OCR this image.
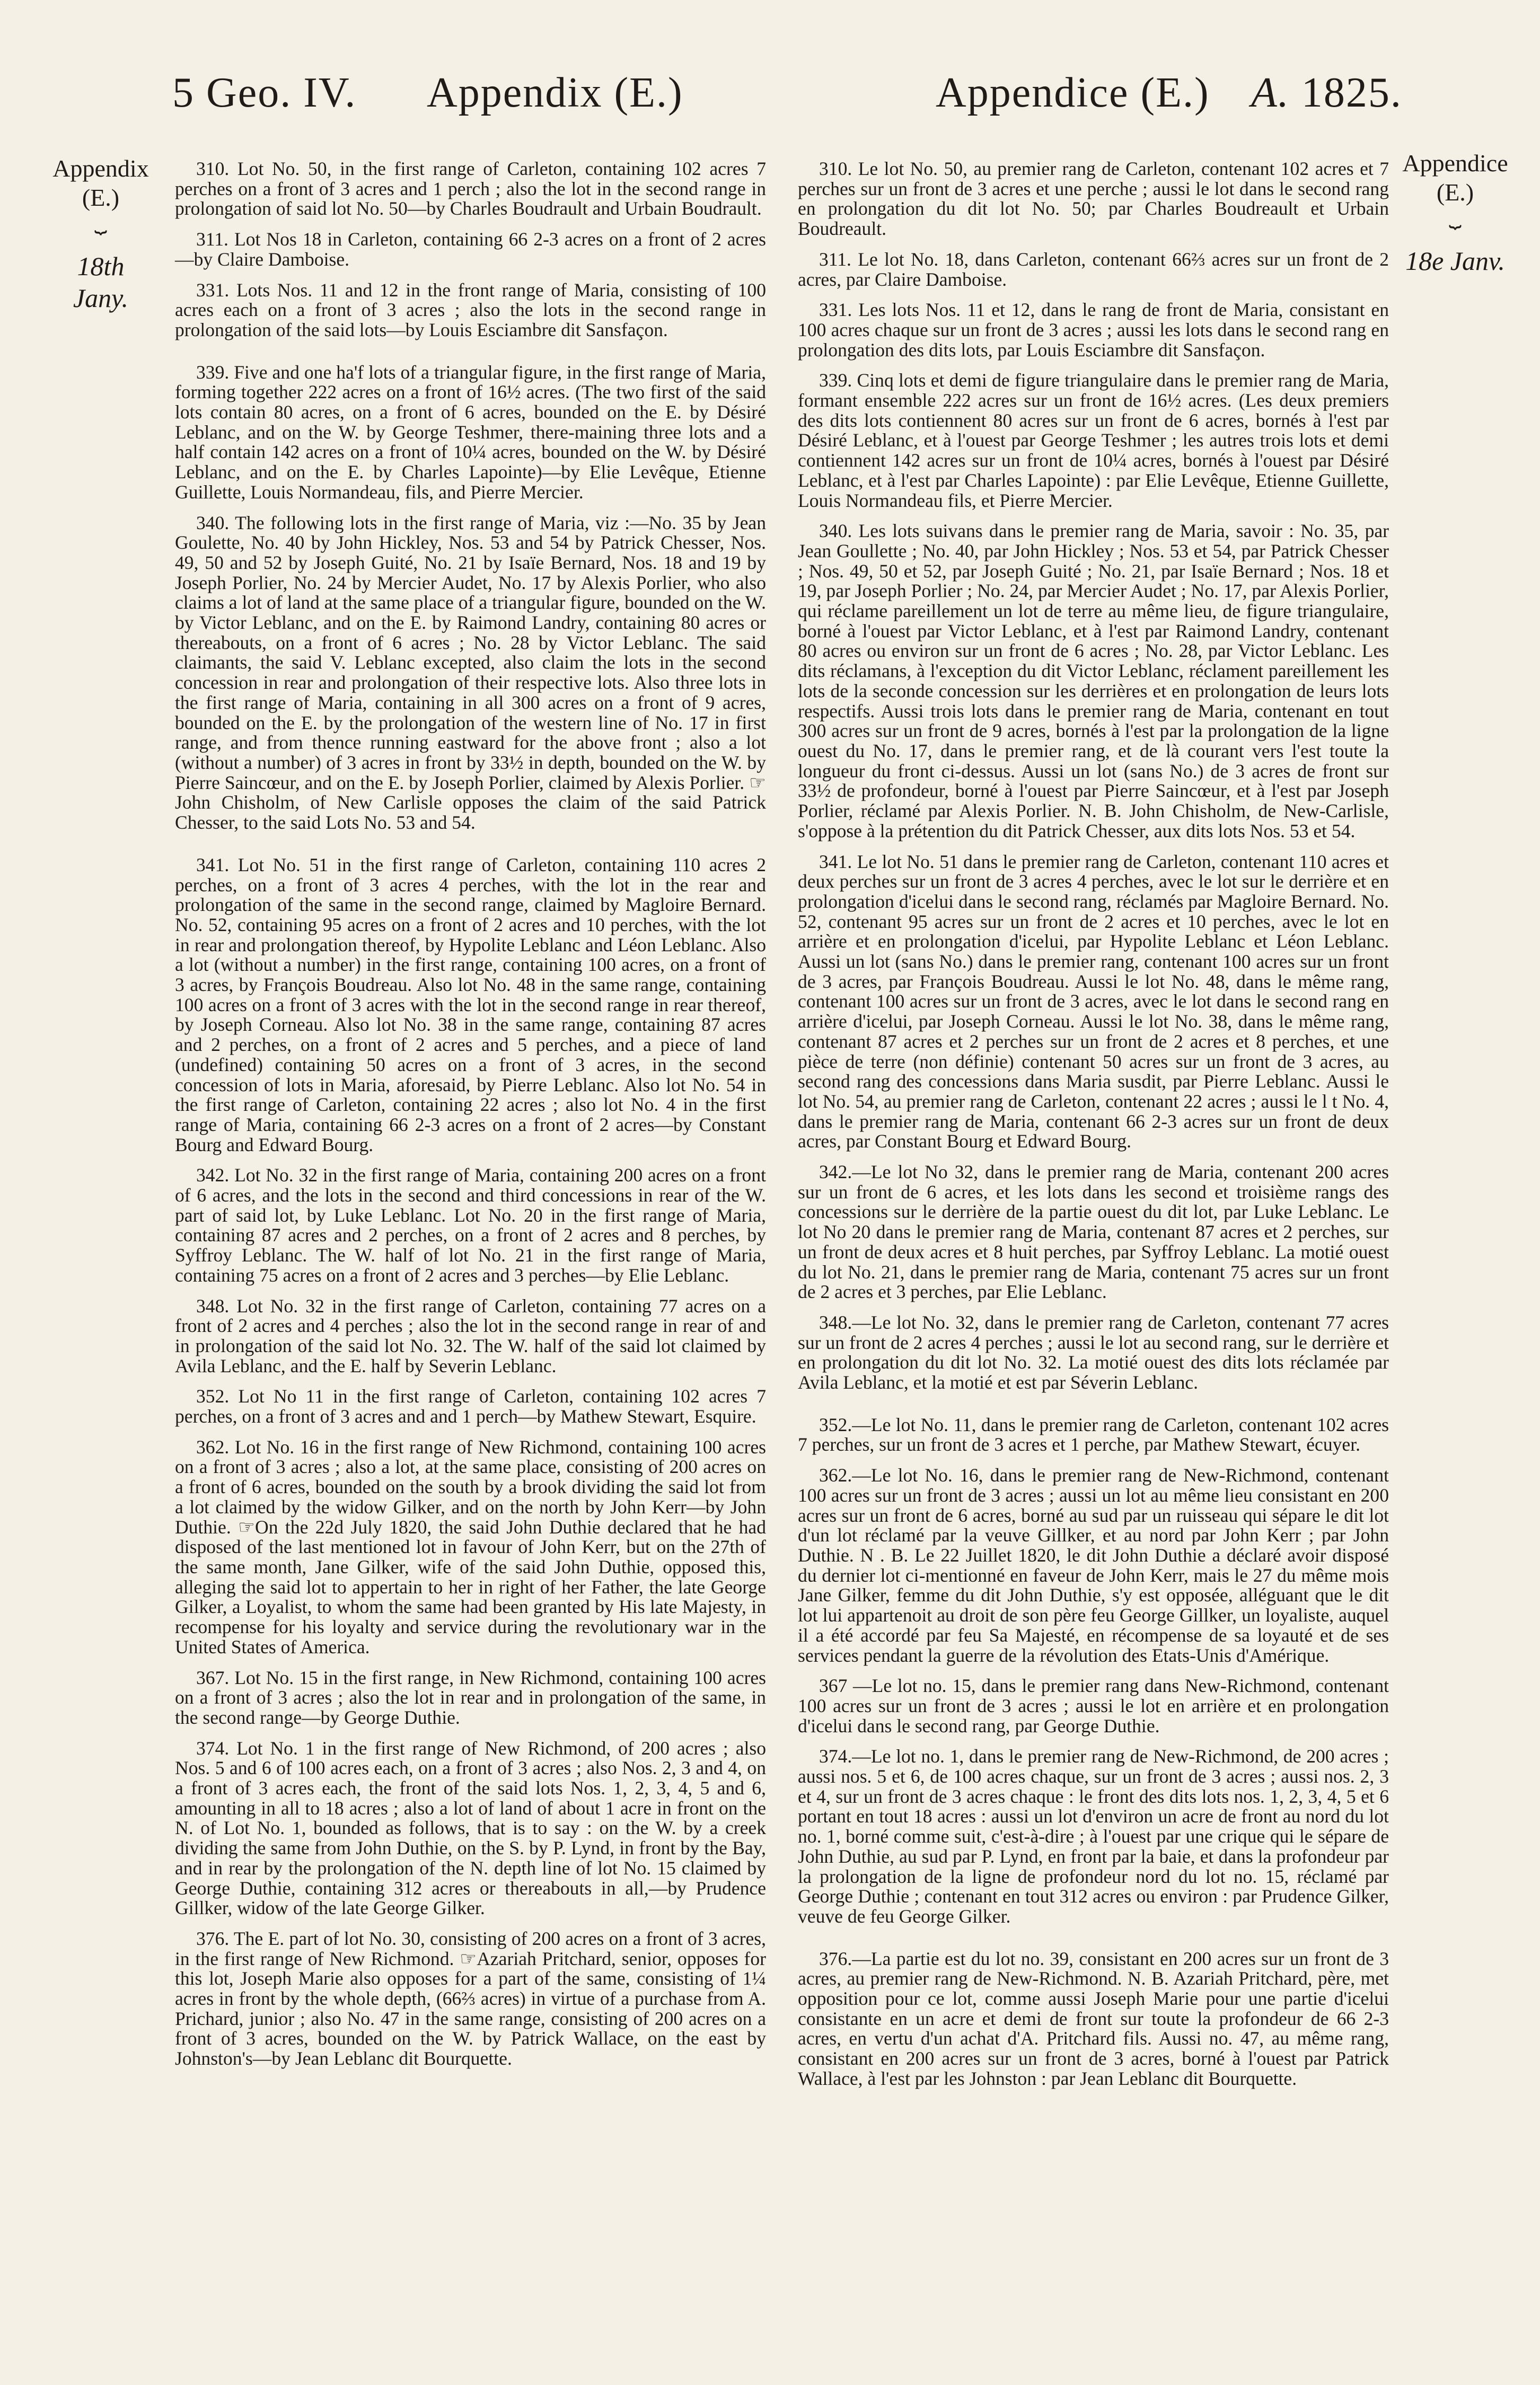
5 Geo. IV. Appendix (E.)	Appendice (E.) A. 1825.
Appendix
(E.)
⏟
18th Jany.
Appendice
(E.)
⏟
18e Janv.

310. Lot No. 50, in the first range of Carleton, containing 102 acres 7 perches on a front of 3 acres and 1 perch ; also the lot in the second range in prolongation of said lot No. 50—by Charles Boudrault and Urbain Boudrault.

311. Lot Nos 18 in Carleton, containing 66 2-3 acres on a front of 2 acres—by Claire Damboise.

331. Lots Nos. 11 and 12 in the front range of Maria, consisting of 100 acres each on a front of 3 acres ; also the lots in the second range in prolongation of the said lots—by Louis Esciambre dit Sansfaçon.

339. Five and one ha'f lots of a triangular figure, in the first range of Maria, forming together 222 acres on a front of 16½ acres. (The two first of the said lots contain 80 acres, on a front of 6 acres, bounded on the E. by Désiré Leblanc, and on the W. by George Teshmer, there-maining three lots and a half contain 142 acres on a front of 10¼ acres, bounded on the W. by Désiré Leblanc, and on the E. by Charles Lapointe)—by Elie Levêque, Etienne Guillette, Louis Normandeau, fils, and Pierre Mercier.

340. The following lots in the first range of Maria, viz :—No. 35 by Jean Goulette, No. 40 by John Hickley, Nos. 53 and 54 by Patrick Chesser, Nos. 49, 50 and 52 by Joseph Guité, No. 21 by Isaïe Bernard, Nos. 18 and 19 by Joseph Porlier, No. 24 by Mercier Audet, No. 17 by Alexis Porlier, who also claims a lot of land at the same place of a triangular figure, bounded on the W. by Victor Leblanc, and on the E. by Raimond Landry, containing 80 acres or thereabouts, on a front of 6 acres ; No. 28 by Victor Leblanc. The said claimants, the said V. Leblanc excepted, also claim the lots in the second concession in rear and prolongation of their respective lots. Also three lots in the first range of Maria, containing in all 300 acres on a front of 9 acres, bounded on the E. by the prolongation of the western line of No. 17 in first range, and from thence running eastward for the above front ; also a lot (without a number) of 3 acres in front by 33½ in depth, bounded on the W. by Pierre Saincœur, and on the E. by Joseph Porlier, claimed by Alexis Porlier. ☞John Chisholm, of New Carlisle opposes the claim of the said Patrick Chesser, to the said Lots No. 53 and 54.

341. Lot No. 51 in the first range of Carleton, containing 110 acres 2 perches, on a front of 3 acres 4 perches, with the lot in the rear and prolongation of the same in the second range, claimed by Magloire Bernard. No. 52, containing 95 acres on a front of 2 acres and 10 perches, with the lot in rear and prolongation thereof, by Hypolite Leblanc and Léon Leblanc. Also a lot (without a number) in the first range, containing 100 acres, on a front of 3 acres, by François Boudreau. Also lot No. 48 in the same range, containing 100 acres on a front of 3 acres with the lot in the second range in rear thereof, by Joseph Corneau. Also lot No. 38 in the same range, containing 87 acres and 2 perches, on a front of 2 acres and 5 perches, and a piece of land (undefined) containing 50 acres on a front of 3 acres, in the second concession of lots in Maria, aforesaid, by Pierre Leblanc. Also lot No. 54 in the first range of Carleton, containing 22 acres ; also lot No. 4 in the first range of Maria, containing 66 2-3 acres on a front of 2 acres—by Constant Bourg and Edward Bourg.

342. Lot No. 32 in the first range of Maria, containing 200 acres on a front of 6 acres, and the lots in the second and third concessions in rear of the W. part of said lot, by Luke Leblanc. Lot No. 20 in the first range of Maria, containing 87 acres and 2 perches, on a front of 2 acres and 8 perches, by Syffroy Leblanc. The W. half of lot No. 21 in the first range of Maria, containing 75 acres on a front of 2 acres and 3 perches—by Elie Leblanc.

348. Lot No. 32 in the first range of Carleton, containing 77 acres on a front of 2 acres and 4 perches ; also the lot in the second range in rear of and in prolongation of the said lot No. 32. The W. half of the said lot claimed by Avila Leblanc, and the E. half by Severin Leblanc.

352. Lot No 11 in the first range of Carleton, containing 102 acres 7 perches, on a front of 3 acres and and 1 perch—by Mathew Stewart, Esquire.

362. Lot No. 16 in the first range of New Richmond, containing 100 acres on a front of 3 acres ; also a lot, at the same place, consisting of 200 acres on a front of 6 acres, bounded on the south by a brook dividing the said lot from a lot claimed by the widow Gilker, and on the north by John Kerr—by John Duthie. ☞On the 22d July 1820, the said John Duthie declared that he had disposed of the last mentioned lot in favour of John Kerr, but on the 27th of the same month, Jane Gilker, wife of the said John Duthie, opposed this, alleging the said lot to appertain to her in right of her Father, the late George Gilker, a Loyalist, to whom the same had been granted by His late Majesty, in recompense for his loyalty and service during the revolutionary war in the United States of America.

367. Lot No. 15 in the first range, in New Richmond, containing 100 acres on a front of 3 acres ; also the lot in rear and in prolongation of the same, in the second range—by George Duthie.

374. Lot No. 1 in the first range of New Richmond, of 200 acres ; also Nos. 5 and 6 of 100 acres each, on a front of 3 acres ; also Nos. 2, 3 and 4, on a front of 3 acres each, the front of the said lots Nos. 1, 2, 3, 4, 5 and 6, amounting in all to 18 acres ; also a lot of land of about 1 acre in front on the N. of Lot No. 1, bounded as follows, that is to say : on the W. by a creek dividing the same from John Duthie, on the S. by P. Lynd, in front by the Bay, and in rear by the prolongation of the N. depth line of lot No. 15 claimed by George Duthie, containing 312 acres or thereabouts in all,—by Prudence Gillker, widow of the late George Gilker.

376. The E. part of lot No. 30, consisting of 200 acres on a front of 3 acres, in the first range of New Richmond. ☞Azariah Pritchard, senior, opposes for this lot, Joseph Marie also opposes for a part of the same, consisting of 1¼ acres in front by the whole depth, (66⅔ acres) in virtue of a purchase from A. Prichard, junior ; also No. 47 in the same range, consisting of 200 acres on a front of 3 acres, bounded on the W. by Patrick Wallace, on the east by Johnston's—by Jean Leblanc dit Bourquette.

310. Le lot No. 50, au premier rang de Carleton, contenant 102 acres et 7 perches sur un front de 3 acres et une perche ; aussi le lot dans le second rang en prolongation du dit lot No. 50; par Charles Boudreault et Urbain Boudreault.

311. Le lot No. 18, dans Carleton, contenant 66⅔ acres sur un front de 2 acres, par Claire Damboise.

331. Les lots Nos. 11 et 12, dans le rang de front de Maria, consistant en 100 acres chaque sur un front de 3 acres ; aussi les lots dans le second rang en prolongation des dits lots, par Louis Esciambre dit Sansfaçon.

339. Cinq lots et demi de figure triangulaire dans le premier rang de Maria, formant ensemble 222 acres sur un front de 16½ acres. (Les deux premiers des dits lots contiennent 80 acres sur un front de 6 acres, bornés à l'est par Désiré Leblanc, et à l'ouest par George Teshmer ; les autres trois lots et demi contiennent 142 acres sur un front de 10¼ acres, bornés à l'ouest par Désiré Leblanc, et à l'est par Charles Lapointe) : par Elie Levêque, Etienne Guillette, Louis Normandeau fils, et Pierre Mercier.

340. Les lots suivans dans le premier rang de Maria, savoir : No. 35, par Jean Goullette ; No. 40, par John Hickley ; Nos. 53 et 54, par Patrick Chesser ; Nos. 49, 50 et 52, par Joseph Guité ; No. 21, par Isaïe Bernard ; Nos. 18 et 19, par Joseph Porlier ; No. 24, par Mercier Audet ; No. 17, par Alexis Porlier, qui réclame pareillement un lot de terre au même lieu, de figure triangulaire, borné à l'ouest par Victor Leblanc, et à l'est par Raimond Landry, contenant 80 acres ou environ sur un front de 6 acres ; No. 28, par Victor Leblanc. Les dits réclamans, à l'exception du dit Victor Leblanc, réclament pareillement les lots de la seconde concession sur les derrières et en prolongation de leurs lots respectifs. Aussi trois lots dans le premier rang de Maria, contenant en tout 300 acres sur un front de 9 acres, bornés à l'est par la prolongation de la ligne ouest du No. 17, dans le premier rang, et de là courant vers l'est toute la longueur du front ci-dessus. Aussi un lot (sans No.) de 3 acres de front sur 33½ de profondeur, borné à l'ouest par Pierre Saincœur, et à l'est par Joseph Porlier, réclamé par Alexis Porlier. N. B. John Chisholm, de New-Carlisle, s'oppose à la prétention du dit Patrick Chesser, aux dits lots Nos. 53 et 54.

341. Le lot No. 51 dans le premier rang de Carleton, contenant 110 acres et deux perches sur un front de 3 acres 4 perches, avec le lot sur le derrière et en prolongation d'icelui dans le second rang, réclamés par Magloire Bernard. No. 52, contenant 95 acres sur un front de 2 acres et 10 perches, avec le lot en arrière et en prolongation d'icelui, par Hypolite Leblanc et Léon Leblanc. Aussi un lot (sans No.) dans le premier rang, contenant 100 acres sur un front de 3 acres, par François Boudreau. Aussi le lot No. 48, dans le même rang, contenant 100 acres sur un front de 3 acres, avec le lot dans le second rang en arrière d'icelui, par Joseph Corneau. Aussi le lot No. 38, dans le même rang, contenant 87 acres et 2 perches sur un front de 2 acres et 8 perches, et une pièce de terre (non définie) contenant 50 acres sur un front de 3 acres, au second rang des concessions dans Maria susdit, par Pierre Leblanc. Aussi le lot No. 54, au premier rang de Carleton, contenant 22 acres ; aussi le l t No. 4, dans le premier rang de Maria, contenant 66 2-3 acres sur un front de deux acres, par Constant Bourg et Edward Bourg.

342.—Le lot No 32, dans le premier rang de Maria, contenant 200 acres sur un front de 6 acres, et les lots dans les second et troisième rangs des concessions sur le derrière de la partie ouest du dit lot, par Luke Leblanc. Le lot No 20 dans le premier rang de Maria, contenant 87 acres et 2 perches, sur un front de deux acres et 8 huit perches, par Syffroy Leblanc. La motié ouest du lot No. 21, dans le premier rang de Maria, contenant 75 acres sur un front de 2 acres et 3 perches, par Elie Leblanc.

348.—Le lot No. 32, dans le premier rang de Carleton, contenant 77 acres sur un front de 2 acres 4 perches ; aussi le lot au second rang, sur le derrière et en prolongation du dit lot No. 32. La motié ouest des dits lots réclamée par Avila Leblanc, et la motié et est par Séverin Leblanc.

352.—Le lot No. 11, dans le premier rang de Carleton, contenant 102 acres 7 perches, sur un front de 3 acres et 1 perche, par Mathew Stewart, écuyer.

362.—Le lot No. 16, dans le premier rang de New-Richmond, contenant 100 acres sur un front de 3 acres ; aussi un lot au même lieu consistant en 200 acres sur un front de 6 acres, borné au sud par un ruisseau qui sépare le dit lot d'un lot réclamé par la veuve Gillker, et au nord par John Kerr ; par John Duthie. N . B. Le 22 Juillet 1820, le dit John Duthie a déclaré avoir disposé du dernier lot ci-mentionné en faveur de John Kerr, mais le 27 du même mois Jane Gilker, femme du dit John Duthie, s'y est opposée, alléguant que le dit lot lui appartenoit au droit de son père feu George Gillker, un loyaliste, auquel il a été accordé par feu Sa Majesté, en récompense de sa loyauté et de ses services pendant la guerre de la révolution des Etats-Unis d'Amérique.

367 —Le lot no. 15, dans le premier rang dans New-Richmond, contenant 100 acres sur un front de 3 acres ; aussi le lot en arrière et en prolongation d'icelui dans le second rang, par George Duthie.

374.—Le lot no. 1, dans le premier rang de New-Richmond, de 200 acres ; aussi nos. 5 et 6, de 100 acres chaque, sur un front de 3 acres ; aussi nos. 2, 3 et 4, sur un front de 3 acres chaque : le front des dits lots nos. 1, 2, 3, 4, 5 et 6 portant en tout 18 acres : aussi un lot d'environ un acre de front au nord du lot no. 1, borné comme suit, c'est-à-dire ; à l'ouest par une crique qui le sépare de John Duthie, au sud par P. Lynd, en front par la baie, et dans la profondeur par la prolongation de la ligne de profondeur nord du lot no. 15, réclamé par George Duthie ; contenant en tout 312 acres ou environ : par Prudence Gilker, veuve de feu George Gilker.

376.—La partie est du lot no. 39, consistant en 200 acres sur un front de 3 acres, au premier rang de New-Richmond. N. B. Azariah Pritchard, père, met opposition pour ce lot, comme aussi Joseph Marie pour une partie d'icelui consistante en un acre et demi de front sur toute la profondeur de 66 2-3 acres, en vertu d'un achat d'A. Pritchard fils. Aussi no. 47, au même rang, consistant en 200 acres sur un front de 3 acres, borné à l'ouest par Patrick Wallace, à l'est par les Johnston : par Jean Leblanc dit Bourquette.
